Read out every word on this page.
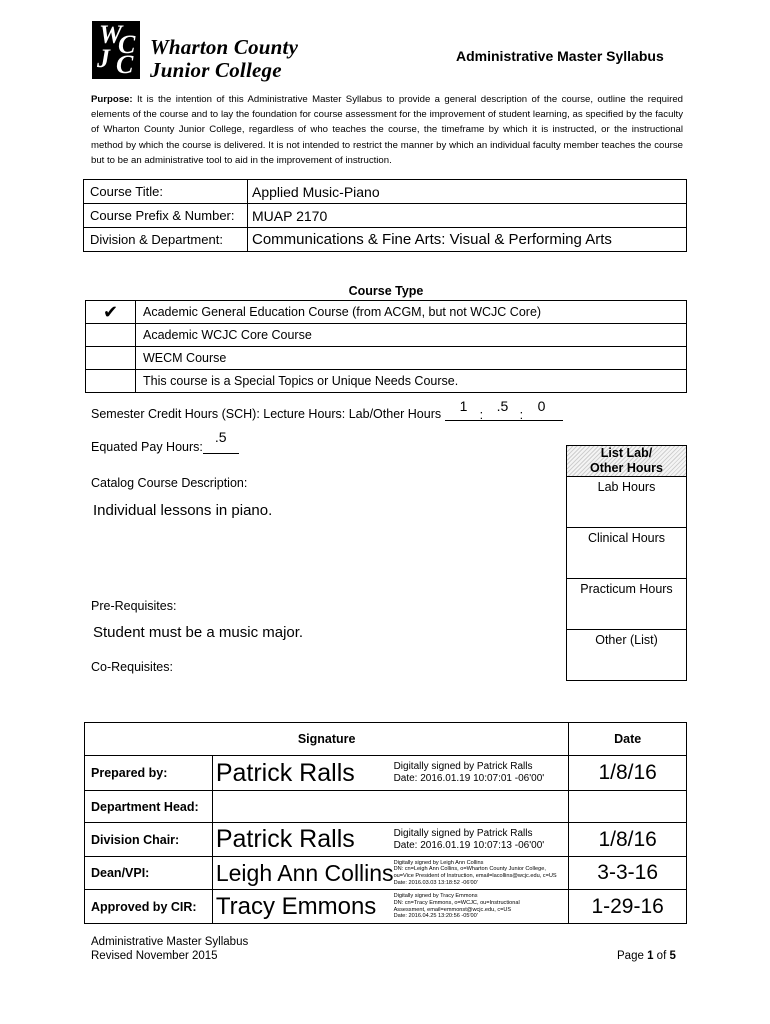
W
C
J C
Wharton County
Junior College
Administrative Master Syllabus
Purpose: It is the intention of this Administrative Master Syllabus to provide a general description of the course, outline the required elements of the course and to lay the foundation for course assessment for the improvement of student learning, as specified by the faculty of Wharton County Junior College, regardless of who teaches the course, the timeframe by which it is instructed, or the instructional method by which the course is delivered. It is not intended to restrict the manner by which an individual faculty member teaches the course but to be an administrative tool to aid in the improvement of instruction.
Course Title:	Applied Music-Piano
Course Prefix & Number:	MUAP 2170
Division & Department:	Communications & Fine Arts: Visual & Performing Arts
Course Type	
✔	Academic General Education Course (from ACGM, but not WCJC Core)
	Academic WCJC Core Course
	WECM Course
	This course is a Special Topics or Unique Needs Course.
Semester Credit Hours (SCH): Lecture Hours: Lab/Other Hours 1
:
.5
:
0
Equated Pay Hours:
.5
Catalog Course Description:
Individual lessons in piano.
Pre-Requisites:
Student must be a music major.
Co-Requisites:
List Lab/
Other Hours
Lab Hours
Clinical Hours
Practicum Hours
Other (List)
Signature			Date
Prepared by:	Patrick Ralls	Digitally signed by Patrick Ralls
Date: 2016.01.19 10:07:01 -06'00'	1/8/16
Department Head:			
Division Chair:	Patrick Ralls	Digitally signed by Patrick Ralls
Date: 2016.01.19 10:07:13 -06'00'	1/8/16
Dean/VPI:	Leigh Ann Collins	Digitally signed by Leigh Ann Collins
DN: cn=Leigh Ann Collins, o=Wharton County Junior College,
ou=Vice President of Instruction, email=lacollins@wcjc.edu, c=US
Date: 2016.03.03 13:18:52 -06'00'	3-3-16
Approved by CIR:	Tracy Emmons	Digitally signed by Tracy Emmons
DN: cn=Tracy Emmons, o=WCJC, ou=Instructional
Assessment, email=emmonst@wcjc.edu, c=US
Date: 2016.04.25 13:20:56 -05'00'	1-29-16
Administrative Master Syllabus
Revised November 2015	Page 1 of 5
